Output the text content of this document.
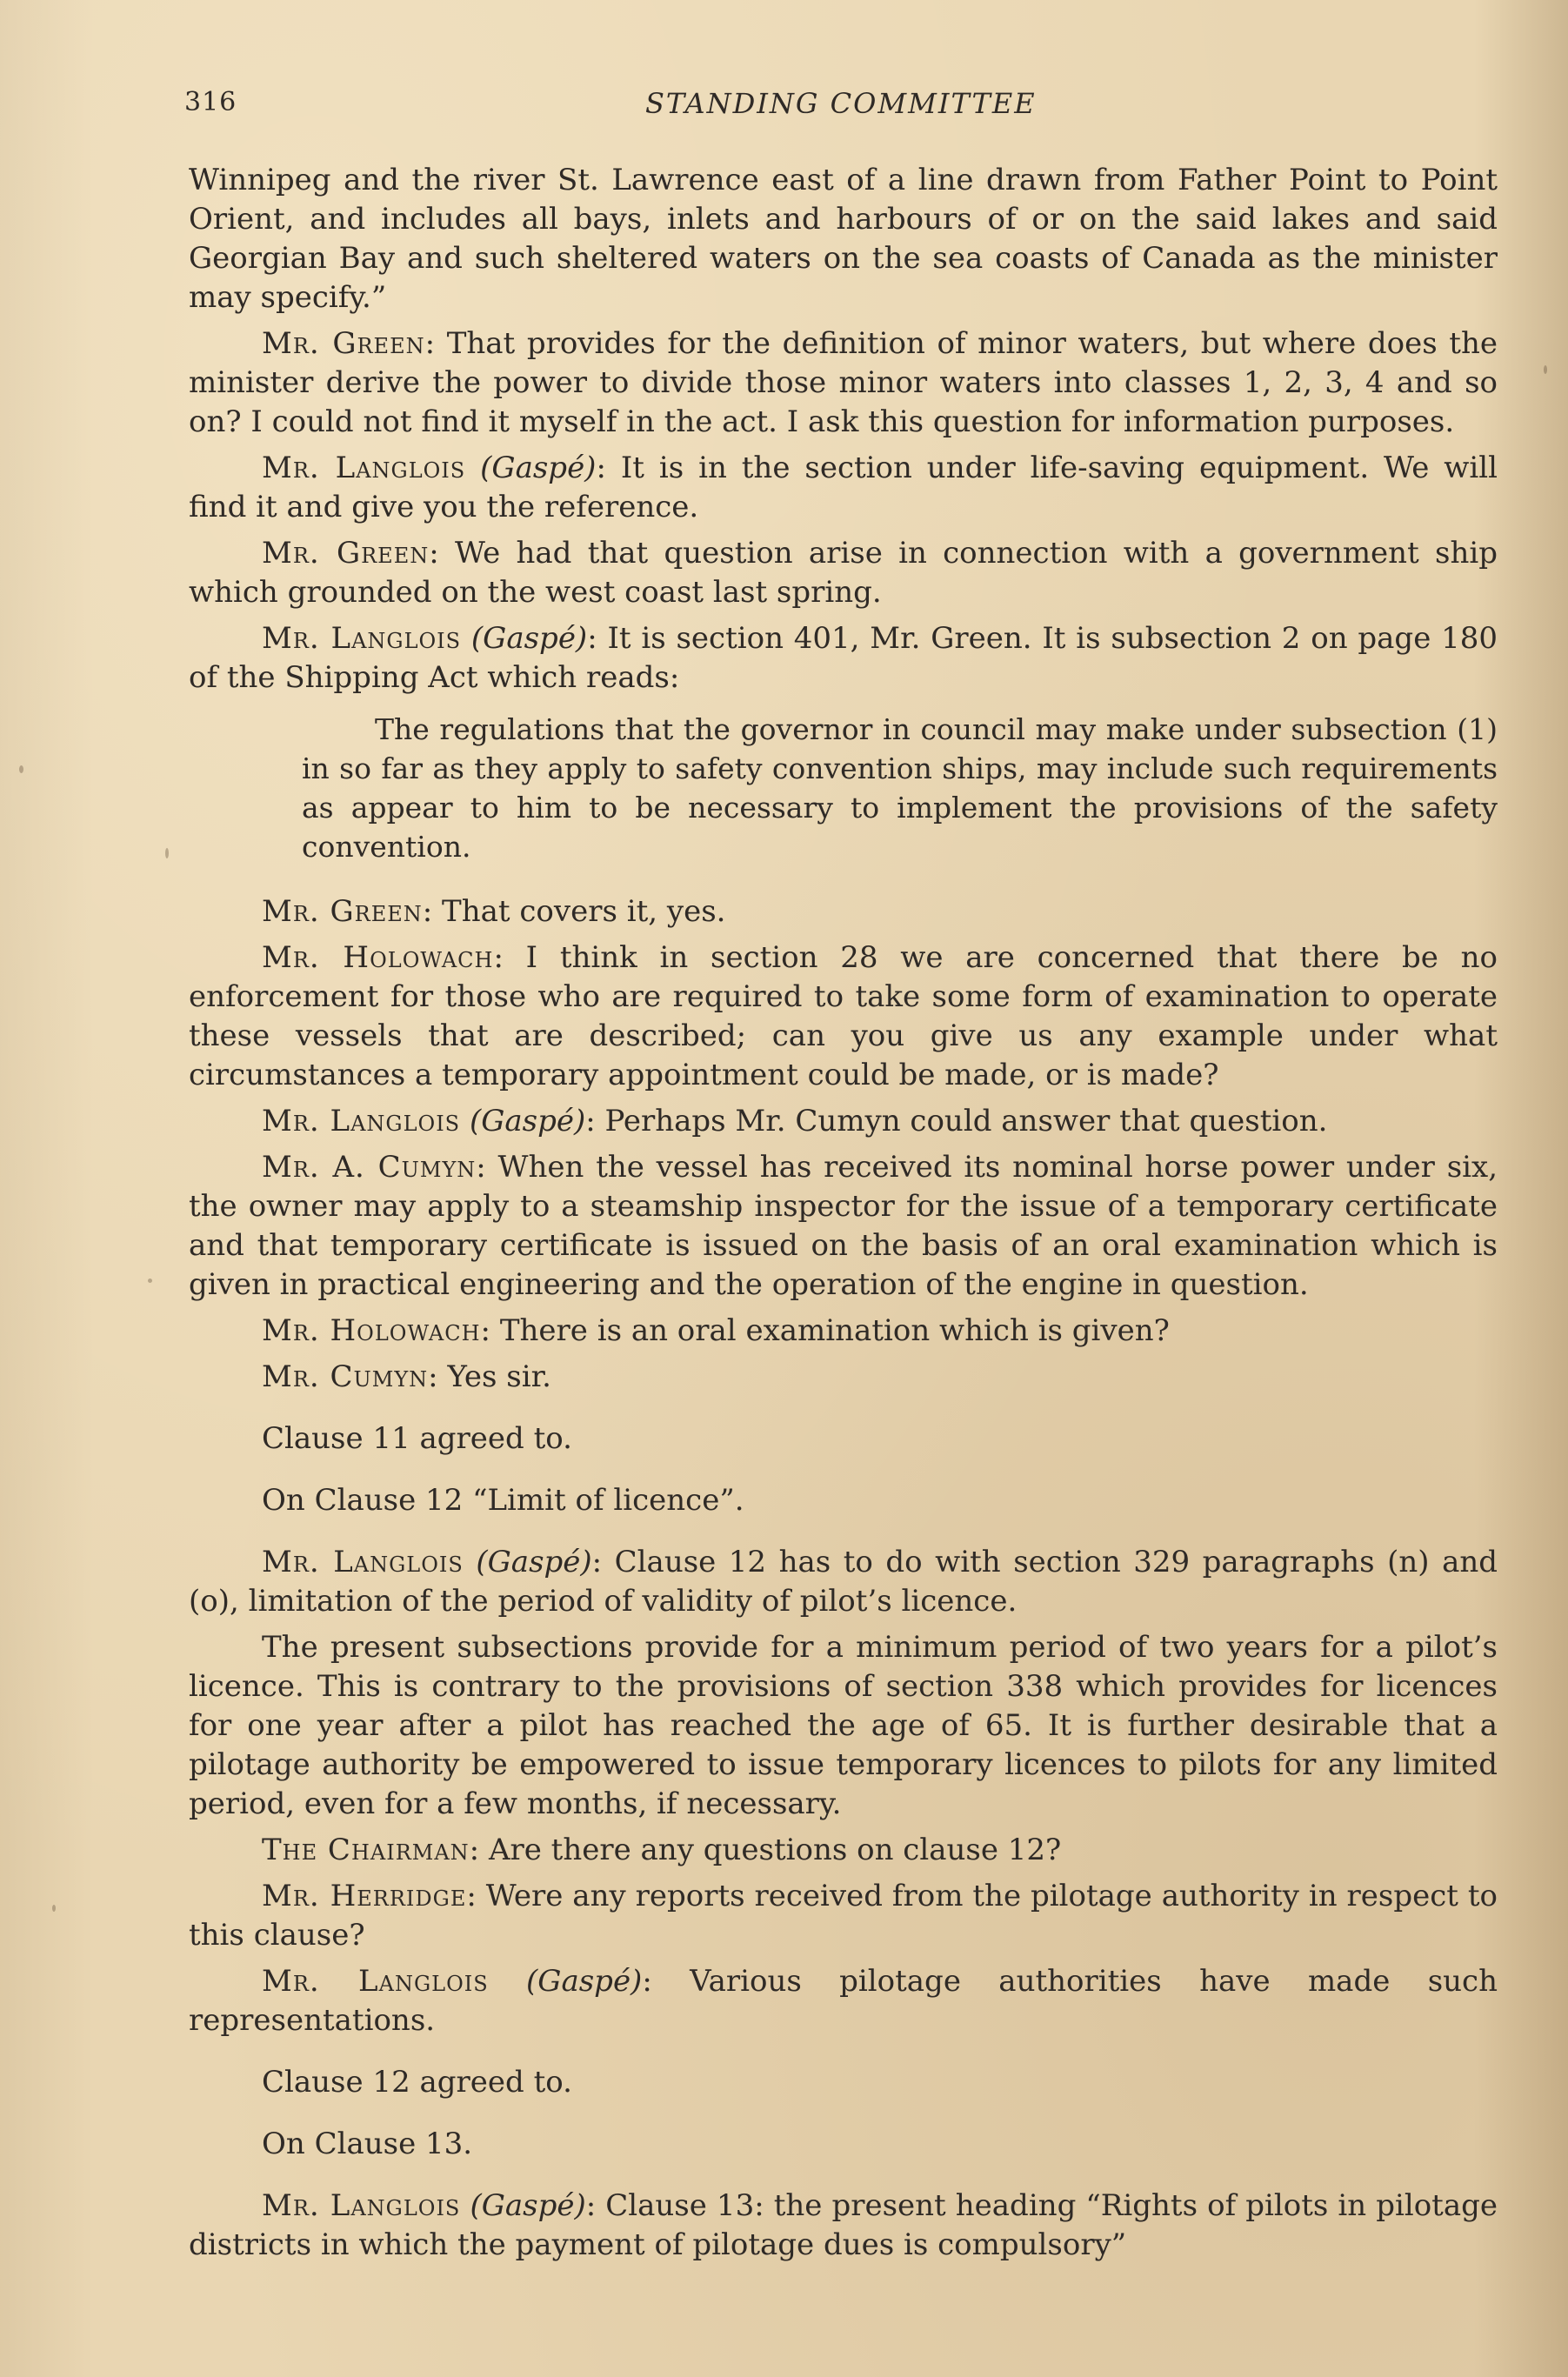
316	STANDING COMMITTEE

Winnipeg and the river St. Lawrence east of a line drawn from Father Point to Point Orient, and includes all bays, inlets and harbours of or on the said lakes and said Georgian Bay and such sheltered waters on the sea coasts of Canada as the minister may specify.”

Mr. Green: That provides for the definition of minor waters, but where does the minister derive the power to divide those minor waters into classes 1, 2, 3, 4 and so on? I could not find it myself in the act. I ask this question for information purposes.

Mr. Langlois (Gaspé): It is in the section under life-saving equipment. We will find it and give you the reference.

Mr. Green: We had that question arise in connection with a government ship which grounded on the west coast last spring.

Mr. Langlois (Gaspé): It is section 401, Mr. Green. It is subsection 2 on page 180 of the Shipping Act which reads:

The regulations that the governor in council may make under subsection (1) in so far as they apply to safety convention ships, may include such requirements as appear to him to be necessary to implement the provisions of the safety convention.

Mr. Green: That covers it, yes.

Mr. Holowach: I think in section 28 we are concerned that there be no enforcement for those who are required to take some form of examination to operate these vessels that are described; can you give us any example under what circumstances a temporary appointment could be made, or is made?

Mr. Langlois (Gaspé): Perhaps Mr. Cumyn could answer that question.

Mr. A. Cumyn: When the vessel has received its nominal horse power under six, the owner may apply to a steamship inspector for the issue of a temporary certificate and that temporary certificate is issued on the basis of an oral examination which is given in practical engineering and the operation of the engine in question.

Mr. Holowach: There is an oral examination which is given?

Mr. Cumyn: Yes sir.

Clause 11 agreed to.

On Clause 12 “Limit of licence”.

Mr. Langlois (Gaspé): Clause 12 has to do with section 329 paragraphs (n) and (o), limitation of the period of validity of pilot’s licence.

The present subsections provide for a minimum period of two years for a pilot’s licence. This is contrary to the provisions of section 338 which provides for licences for one year after a pilot has reached the age of 65. It is further desirable that a pilotage authority be empowered to issue temporary licences to pilots for any limited period, even for a few months, if necessary.

The Chairman: Are there any questions on clause 12?

Mr. Herridge: Were any reports received from the pilotage authority in respect to this clause?

Mr. Langlois (Gaspé): Various pilotage authorities have made such representations.

Clause 12 agreed to.

On Clause 13.

Mr. Langlois (Gaspé): Clause 13: the present heading “Rights of pilots in pilotage districts in which the payment of pilotage dues is compulsory”
